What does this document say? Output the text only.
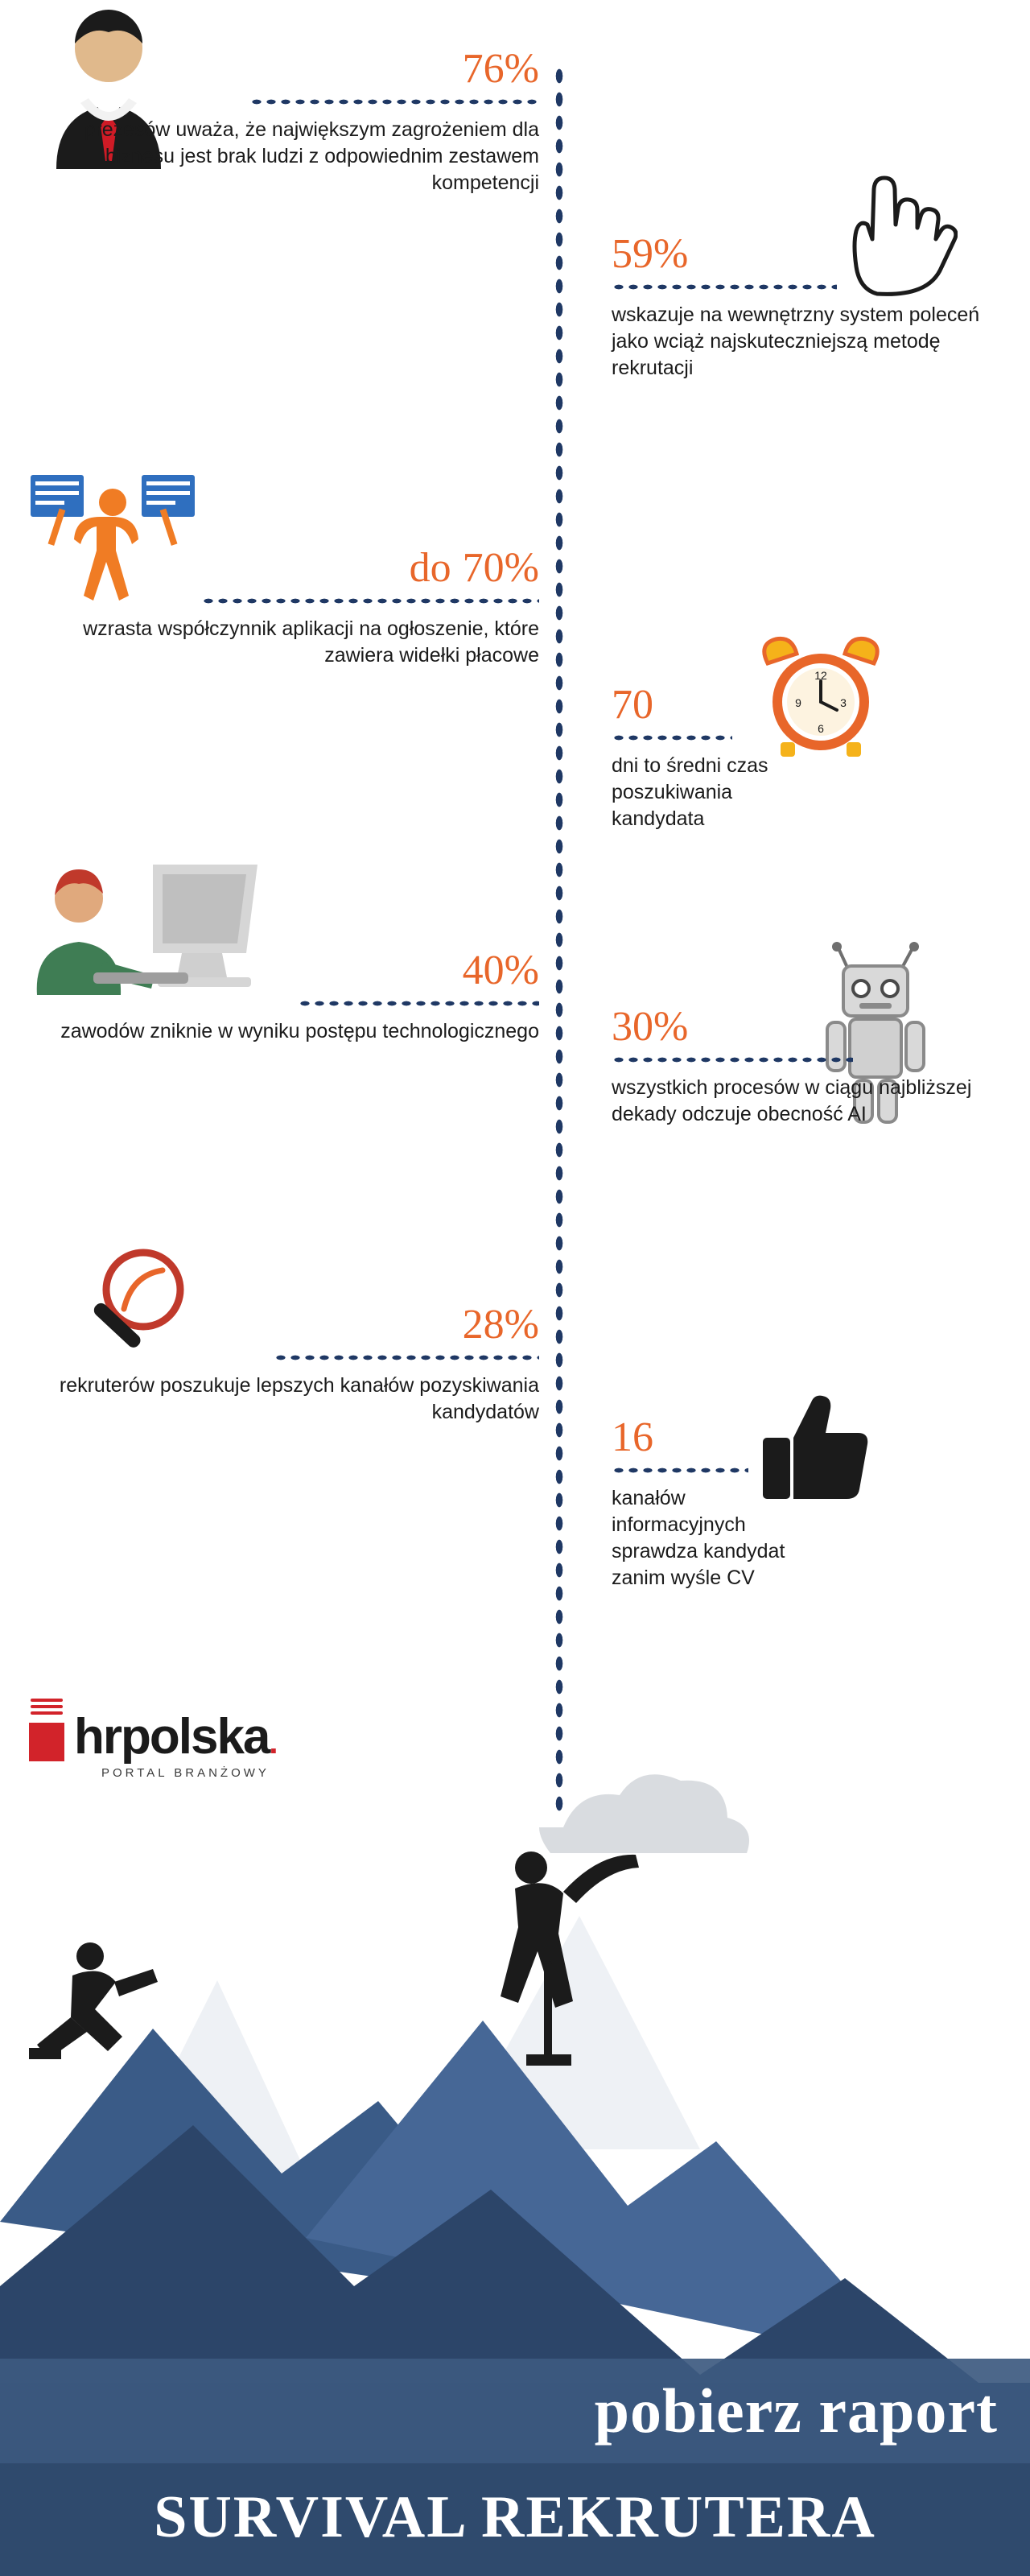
76%
prezesów uważa, że największym zagrożeniem dla biznesu jest brak ludzi z odpowiednim zestawem kompetencji
59%
wskazuje na wewnętrzny system poleceń jako wciąż najskuteczniejszą metodę rekrutacji
do 70%
wzrasta współczynnik aplikacji na ogłoszenie, które zawiera widełki płacowe
12
3
6
9
70
dni to średni czas poszukiwania kandydata
40%
zawodów zniknie w wyniku postępu technologicznego 30%
wszystkich procesów w ciągu najbliższej dekady odczuje obecność AI
28%
rekruterów poszukuje lepszych kanałów pozyskiwania kandydatów
16
kanałów informacyjnych sprawdza kandydat zanim wyśle CV
hrpolska.
PORTAL BRANŻOWY
pobierz raport
SURVIVAL REKRUTERA
